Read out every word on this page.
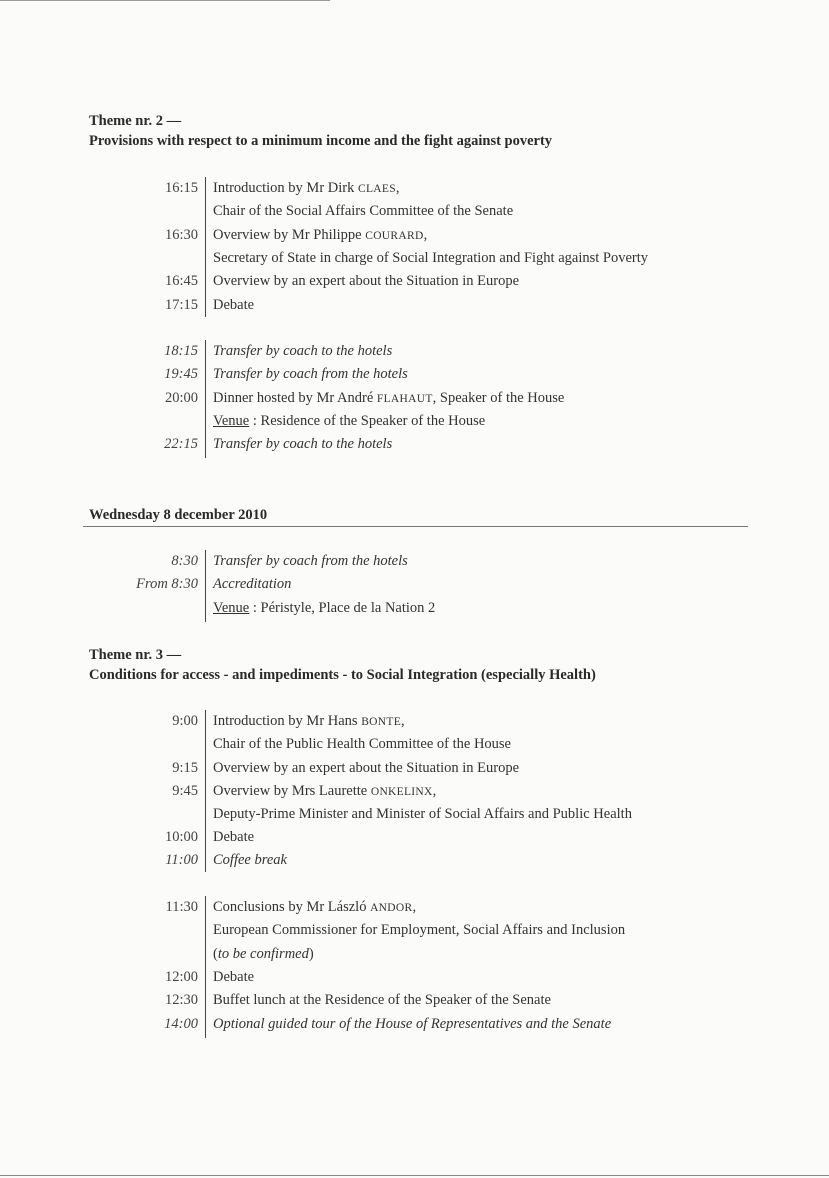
Theme nr. 2 —
Provisions with respect to a minimum income and the fight against poverty
16:15 Introduction by Mr Dirk CLAES,
Chair of the Social Affairs Committee of the Senate
16:30 Overview by Mr Philippe COURARD,
Secretary of State in charge of Social Integration and Fight against Poverty
16:45 Overview by an expert about the Situation in Europe
17:15 Debate
18:15 Transfer by coach to the hotels
19:45 Transfer by coach from the hotels
20:00 Dinner hosted by Mr André FLAHAUT, Speaker of the House
Venue : Residence of the Speaker of the House
22:15 Transfer by coach to the hotels
Wednesday 8 december 2010
8:30 Transfer by coach from the hotels
From 8:30 Accreditation
Venue : Péristyle, Place de la Nation 2
Theme nr. 3 —
Conditions for access - and impediments - to Social Integration (especially Health)
9:00 Introduction by Mr Hans BONTE,
Chair of the Public Health Committee of the House
9:15 Overview by an expert about the Situation in Europe
9:45 Overview by Mrs Laurette ONKELINX,
Deputy-Prime Minister and Minister of Social Affairs and Public Health
10:00 Debate
11:00 Coffee break
11:30 Conclusions by Mr László ANDOR,
European Commissioner for Employment, Social Affairs and Inclusion
(to be confirmed)
12:00 Debate
12:30 Buffet lunch at the Residence of the Speaker of the Senate
14:00 Optional guided tour of the House of Representatives and the Senate
